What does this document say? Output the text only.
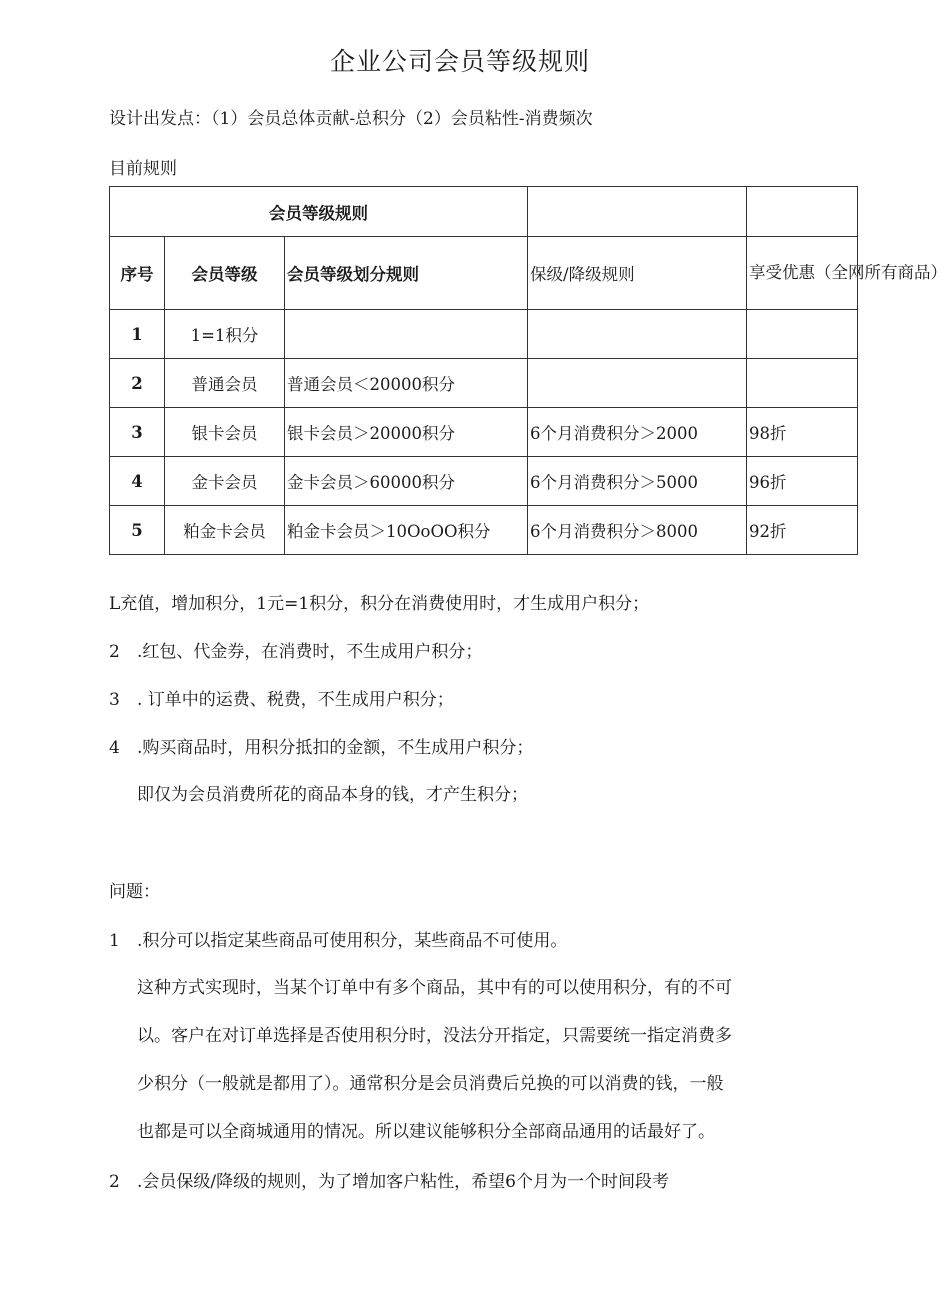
企业公司会员等级规则
设计出发点：（1）会员总体贡献-总积分（2）会员粘性-消费频次
目前规则
会员等级规则				
序号	会员等级	会员等级划分规则	保级/降级规则	享受优惠（全网所有商品）
1	1=1积分			
2	普通会员	普通会员＜20000积分		
3	银卡会员	银卡会员＞20000积分	6个月消费积分＞2000	98折
4	金卡会员	金卡会员＞60000积分	6个月消费积分＞5000	96折
5	粕金卡会员	粕金卡会员＞10OoOO积分	6个月消费积分＞8000	92折
L充值，增加积分，1元=1积分，积分在消费使用时，才生成用户积分；
2 .红包、代金券，在消费时，不生成用户积分；
3 . 订单中的运费、税费，不生成用户积分；
4 .购买商品时，用积分抵扣的金额，不生成用户积分；
即仅为会员消费所花的商品本身的钱，才产生积分；
问题：
1 .积分可以指定某些商品可使用积分，某些商品不可使用。
这种方式实现时，当某个订单中有多个商品，其中有的可以使用积分，有的不可
以。客户在对订单选择是否使用积分时，没法分开指定，只需要统一指定消费多
少积分（一般就是都用了）。通常积分是会员消费后兑换的可以消费的钱，一般
也都是可以全商城通用的情况。所以建议能够积分全部商品通用的话最好了。
2 .会员保级/降级的规则，为了增加客户粘性，希望6个月为一个时间段考
